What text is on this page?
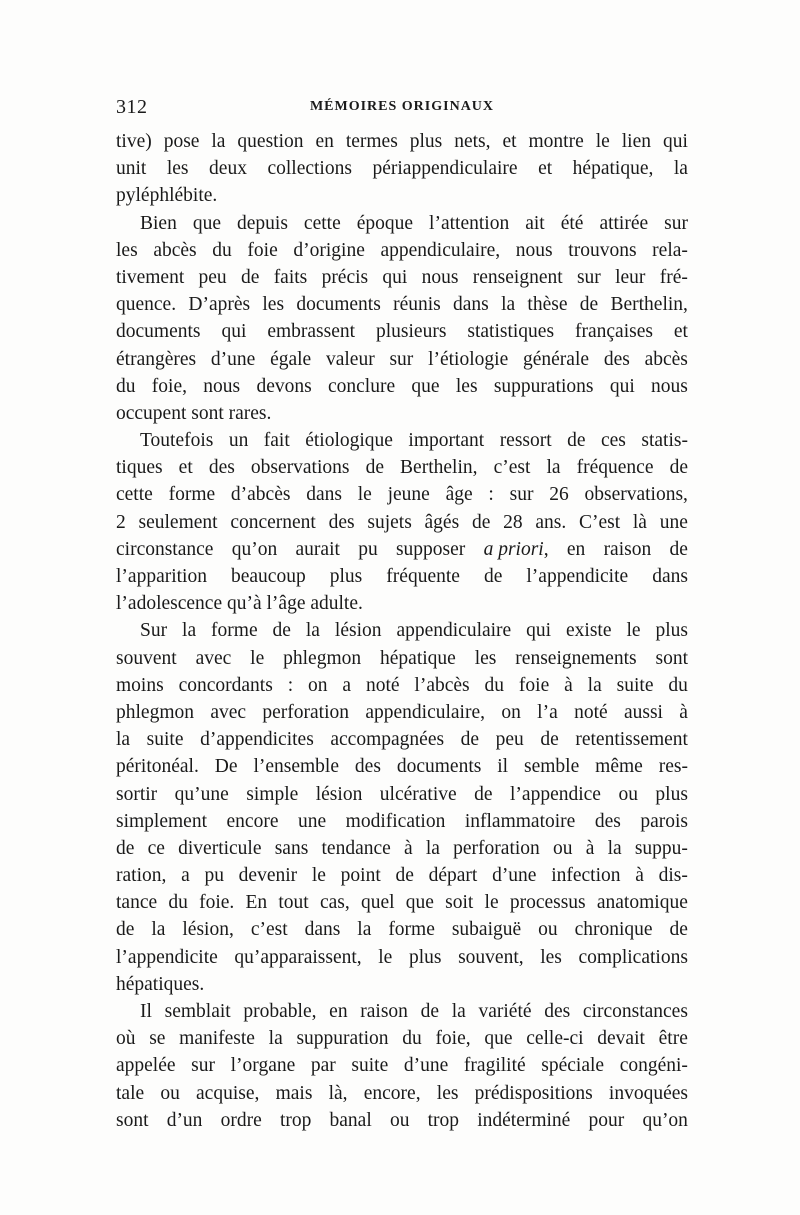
312	MÉMOIRES ORIGINAUX
tive) pose la question en termes plus nets, et montre le lien qui
unit les deux collections périappendiculaire et hépatique, la
pyléphlébite.
Bien que depuis cette époque l’attention ait été attirée sur
les abcès du foie d’origine appendiculaire, nous trouvons rela-
tivement peu de faits précis qui nous renseignent sur leur fré-
quence. D’après les documents réunis dans la thèse de Berthelin,
documents qui embrassent plusieurs statistiques françaises et
étrangères d’une égale valeur sur l’étiologie générale des abcès
du foie, nous devons conclure que les suppurations qui nous
occupent sont rares.
Toutefois un fait étiologique important ressort de ces statis-
tiques et des observations de Berthelin, c’est la fréquence de
cette forme d’abcès dans le jeune âge : sur 26 observations,
2 seulement concernent des sujets âgés de 28 ans. C’est là une
circonstance qu’on aurait pu supposer a priori, en raison de
l’apparition beaucoup plus fréquente de l’appendicite dans
l’adolescence qu’à l’âge adulte.
Sur la forme de la lésion appendiculaire qui existe le plus
souvent avec le phlegmon hépatique les renseignements sont
moins concordants : on a noté l’abcès du foie à la suite du
phlegmon avec perforation appendiculaire, on l’a noté aussi à
la suite d’appendicites accompagnées de peu de retentissement
péritonéal. De l’ensemble des documents il semble même res-
sortir qu’une simple lésion ulcérative de l’appendice ou plus
simplement encore une modification inflammatoire des parois
de ce diverticule sans tendance à la perforation ou à la suppu-
ration, a pu devenir le point de départ d’une infection à dis-
tance du foie. En tout cas, quel que soit le processus anatomique
de la lésion, c’est dans la forme subaiguë ou chronique de
l’appendicite qu’apparaissent, le plus souvent, les complications
hépatiques.
Il semblait probable, en raison de la variété des circonstances
où se manifeste la suppuration du foie, que celle-ci devait être
appelée sur l’organe par suite d’une fragilité spéciale congéni-
tale ou acquise, mais là, encore, les prédispositions invoquées
sont d’un ordre trop banal ou trop indéterminé pour qu’on
